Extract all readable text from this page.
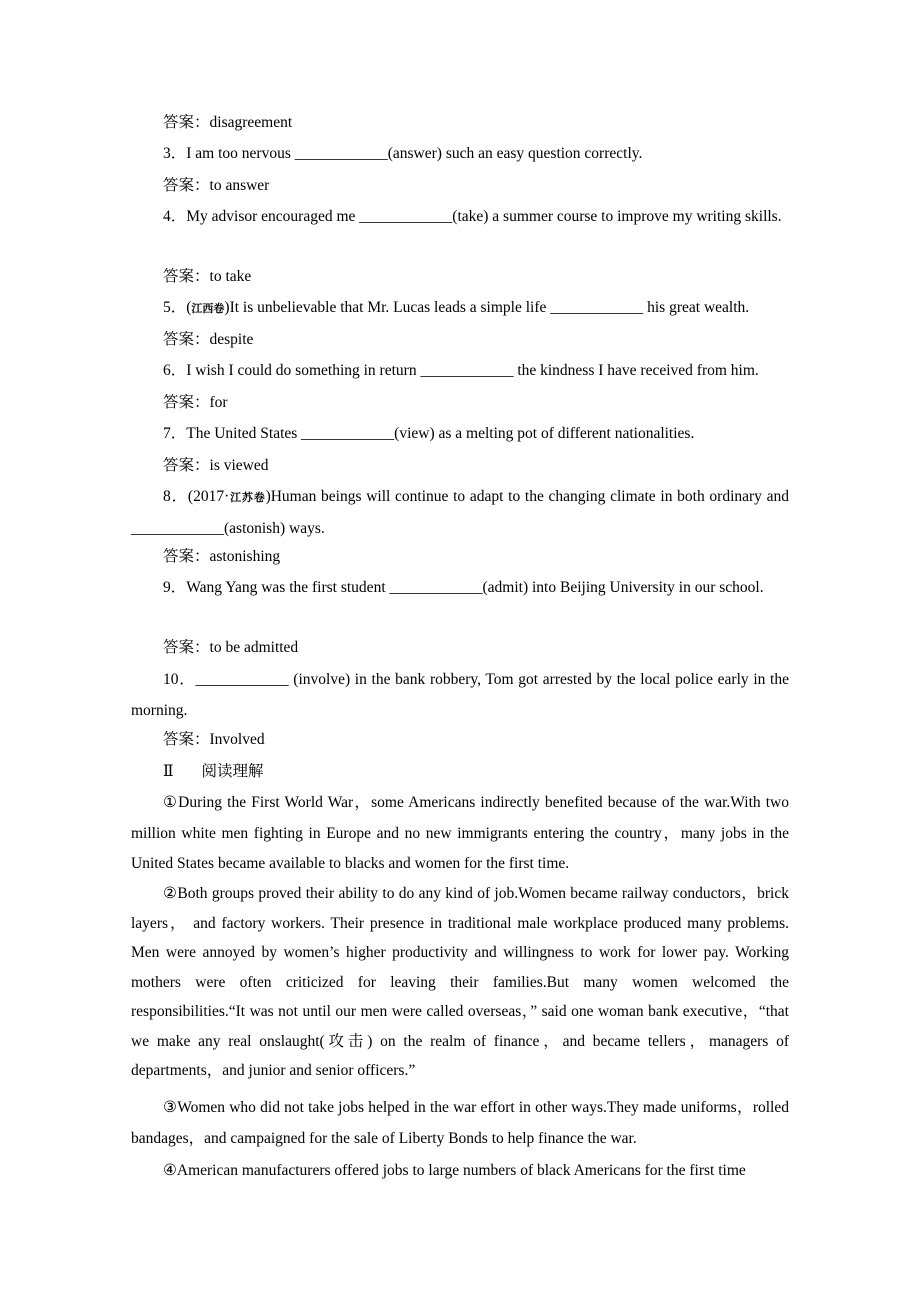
答案：disagreement

3．I am too nervous ____________(answer) such an easy question correctly.

答案：to answer

4．My advisor encouraged me ____________(take) a summer course to improve my writing skills.

答案：to take

5．(江西卷)It is unbelievable that Mr. Lucas leads a simple life ____________ his great wealth.

答案：despite

6．I wish I could do something in return ____________ the kindness I have received from him.

答案：for

7．The United States ____________(view) as a melting pot of different nationalities.

答案：is viewed

8．(2017·江苏卷)Human beings will continue to adapt to the changing climate in both ordinary and ____________(astonish) ways.

答案：astonishing

9．Wang Yang was the first student ____________(admit) into Beijing University in our school.

答案：to be admitted

10．____________ (involve) in the bank robbery, Tom got arrested by the local police early in the morning.

答案：Involved

Ⅱ 阅读理解

①During the First World War，some Americans indirectly benefited because of the war.With two million white men fighting in Europe and no new immigrants entering the country，many jobs in the United States became available to blacks and women for the first time.

②Both groups proved their ability to do any kind of job.Women became railway conductors，brick layers， and factory workers. Their presence in traditional male workplace produced many problems. Men were annoyed by women’s higher productivity and willingness to work for lower pay. Working mothers were often criticized for leaving their families.But many women welcomed the responsibilities.“It was not until our men were called overseas，” said one woman bank executive，“that we make any real onslaught(攻击) on the realm of finance，and became tellers，managers of departments，and junior and senior officers.”

③Women who did not take jobs helped in the war effort in other ways.They made uniforms，rolled bandages，and campaigned for the sale of Liberty Bonds to help finance the war.

④American manufacturers offered jobs to large numbers of black Americans for the first time
